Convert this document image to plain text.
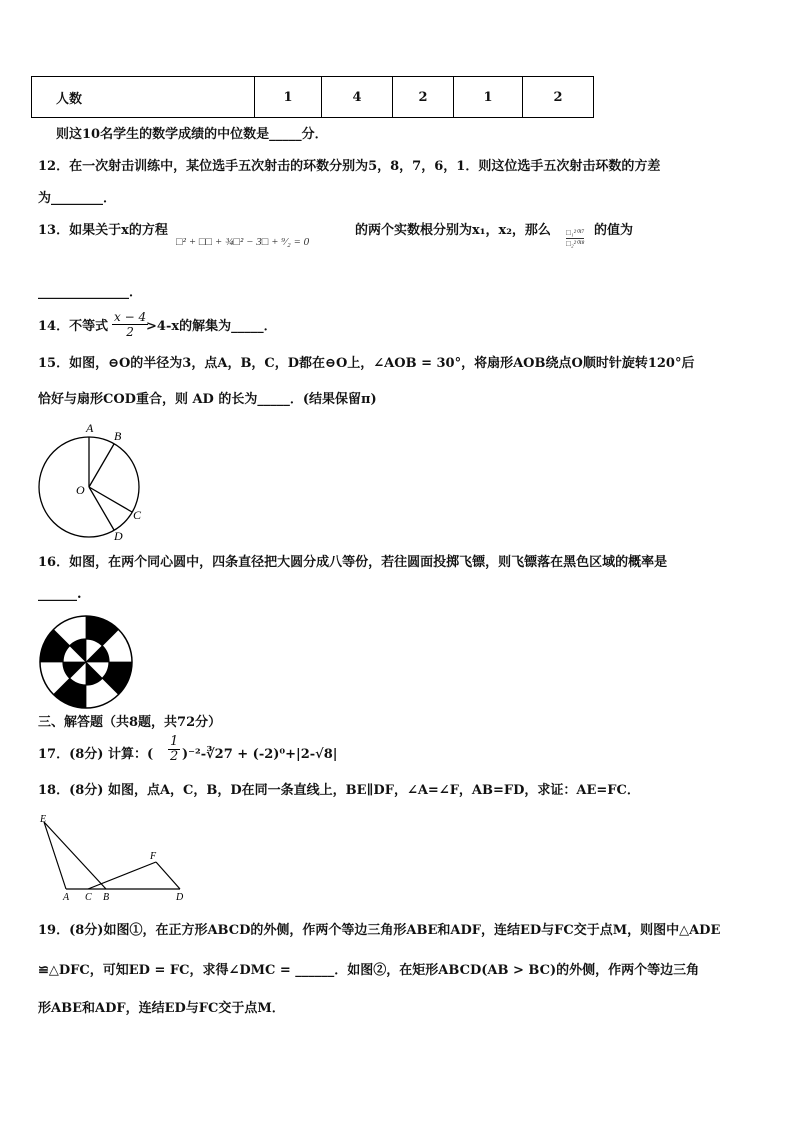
人数	1	4	2	1	2
则这10名学生的数学成绩的中位数是_____分．
12．在一次射击训练中，某位选手五次射击的环数分别为5，8，7，6，1．则这位选手五次射击环数的方差
为________．
13．如果关于x的方程
□² + □□ + ¾□² − 3□ + ⁹⁄₂ = 0
的两个实数根分别为x₁，x₂，那么 □₁²⁰¹⁷
□₂²⁰¹⁸
的值为
______________．
14．不等式 $\frac{x - 4}{2}$
>4-x的解集为_____．
15．如图，⊖O的半径为3，点A，B，C，D都在⊖O上，∠AOB = 30°，将扇形AOB绕点O顺时针旋转120°后
恰好与扇形COD重合，则 AD 的长为_____．(结果保留π)
A
B
C
D
O
16．如图，在两个同心圆中，四条直径把大圆分成八等份，若往圆面投掷飞镖，则飞镖落在黑色区域的概率是
______.
三、解答题（共8题，共72分）
17．(8分) 计算：( $\frac{1}{2}$ )⁻²-∛27 + (-2)⁰+|2-√8|
18．(8分) 如图，点A，C，B，D在同一条直线上，BE∥DF，∠A=∠F，AB=FD，求证：AE=FC．
E
F
A C B	D
19．(8分)如图①，在正方形ABCD的外侧，作两个等边三角形ABE和ADF，连结ED与FC交于点M，则图中△ADE
≌△DFC，可知ED = FC，求得∠DMC = ______．如图②，在矩形ABCD(AB > BC)的外侧，作两个等边三角
形ABE和ADF，连结ED与FC交于点M．
